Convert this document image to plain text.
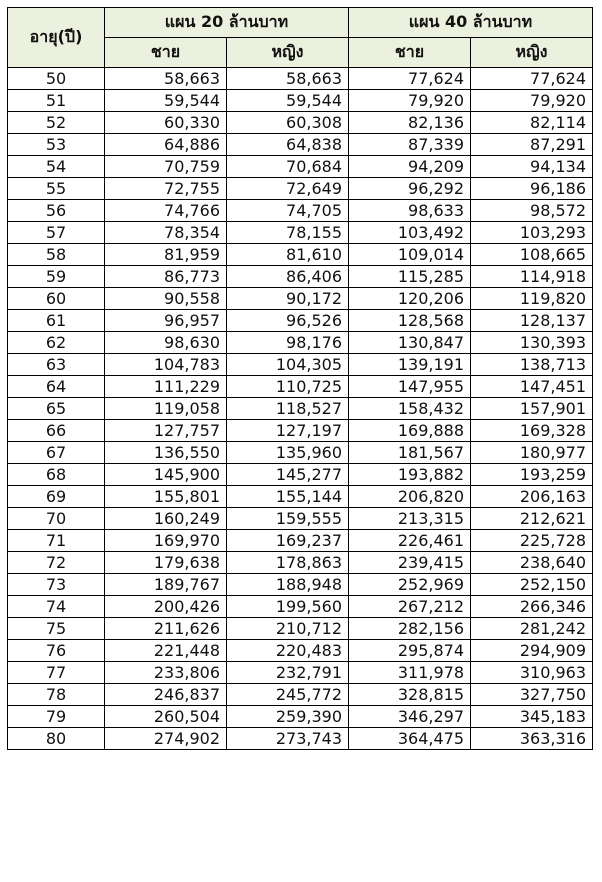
อายุ(ปี)	แผน 20 ล้านบาท		แผน 40 ล้านบาท	
	ชาย	หญิง	ชาย	หญิง
50	58,663	58,663	77,624	77,624
51	59,544	59,544	79,920	79,920
52	60,330	60,308	82,136	82,114
53	64,886	64,838	87,339	87,291
54	70,759	70,684	94,209	94,134
55	72,755	72,649	96,292	96,186
56	74,766	74,705	98,633	98,572
57	78,354	78,155	103,492	103,293
58	81,959	81,610	109,014	108,665
59	86,773	86,406	115,285	114,918
60	90,558	90,172	120,206	119,820
61	96,957	96,526	128,568	128,137
62	98,630	98,176	130,847	130,393
63	104,783	104,305	139,191	138,713
64	111,229	110,725	147,955	147,451
65	119,058	118,527	158,432	157,901
66	127,757	127,197	169,888	169,328
67	136,550	135,960	181,567	180,977
68	145,900	145,277	193,882	193,259
69	155,801	155,144	206,820	206,163
70	160,249	159,555	213,315	212,621
71	169,970	169,237	226,461	225,728
72	179,638	178,863	239,415	238,640
73	189,767	188,948	252,969	252,150
74	200,426	199,560	267,212	266,346
75	211,626	210,712	282,156	281,242
76	221,448	220,483	295,874	294,909
77	233,806	232,791	311,978	310,963
78	246,837	245,772	328,815	327,750
79	260,504	259,390	346,297	345,183
80	274,902	273,743	364,475	363,316
